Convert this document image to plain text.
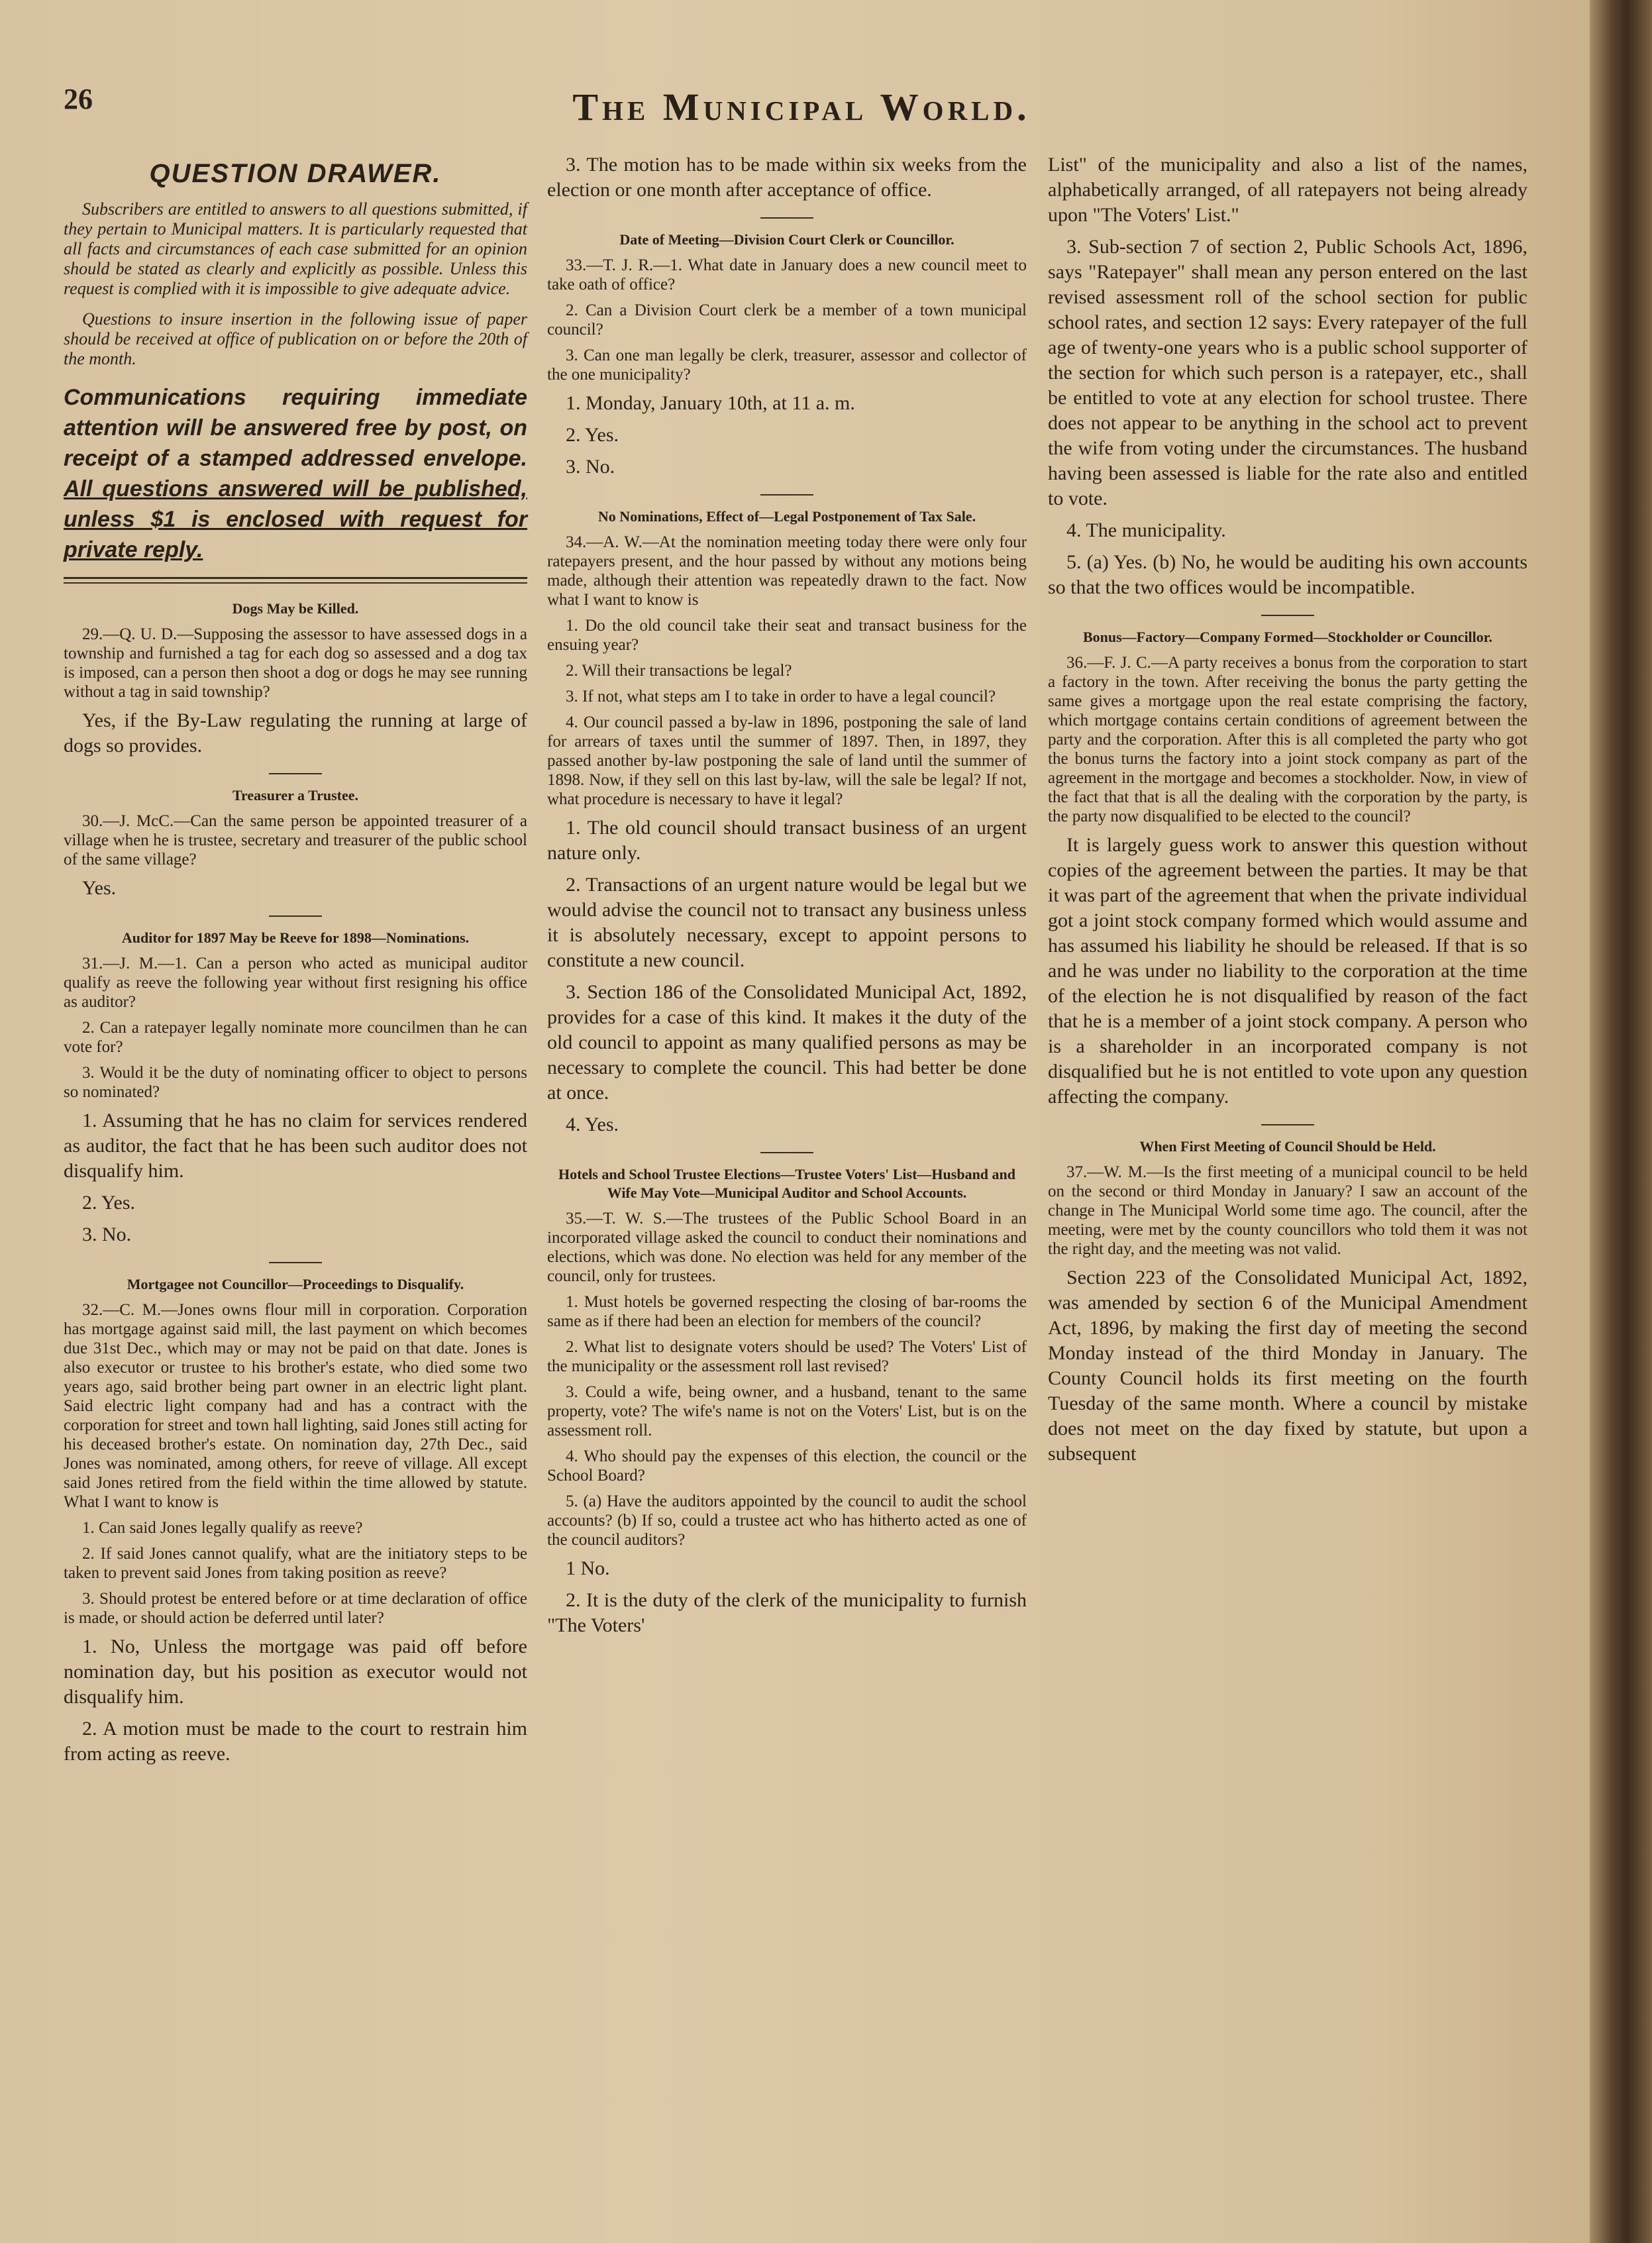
26	The Municipal World.
QUESTION DRAWER.

Subscribers are entitled to answers to all questions submitted, if they pertain to Municipal matters. It is particularly requested that all facts and circumstances of each case submitted for an opinion should be stated as clearly and explicitly as possible. Unless this request is complied with it is impossible to give adequate advice.

Questions to insure insertion in the following issue of paper should be received at office of publication on or before the 20th of the month.

Communications requiring immediate attention will be answered free by post, on receipt of a stamped addressed envelope. All questions answered will be published, unless $1 is enclosed with request for private reply.

Dogs May be Killed.

29.—Q. U. D.—Supposing the assessor to have assessed dogs in a township and furnished a tag for each dog so assessed and a dog tax is imposed, can a person then shoot a dog or dogs he may see running without a tag in said township?

Yes, if the By-Law regulating the running at large of dogs so provides.

Treasurer a Trustee.

30.—J. McC.—Can the same person be appointed treasurer of a village when he is trustee, secretary and treasurer of the public school of the same village?

Yes.

Auditor for 1897 May be Reeve for 1898—Nominations.

31.—J. M.—1. Can a person who acted as municipal auditor qualify as reeve the following year without first resigning his office as auditor?

2. Can a ratepayer legally nominate more councilmen than he can vote for?

3. Would it be the duty of nominating officer to object to persons so nominated?

1. Assuming that he has no claim for services rendered as auditor, the fact that he has been such auditor does not disqualify him.

2. Yes.

3. No.

Mortgagee not Councillor—Proceedings to Disqualify.

32.—C. M.—Jones owns flour mill in corporation. Corporation has mortgage against said mill, the last payment on which becomes due 31st Dec., which may or may not be paid on that date. Jones is also executor or trustee to his brother's estate, who died some two years ago, said brother being part owner in an electric light plant. Said electric light company had and has a contract with the corporation for street and town hall lighting, said Jones still acting for his deceased brother's estate. On nomination day, 27th Dec., said Jones was nominated, among others, for reeve of village. All except said Jones retired from the field within the time allowed by statute. What I want to know is

1. Can said Jones legally qualify as reeve?

2. If said Jones cannot qualify, what are the initiatory steps to be taken to prevent said Jones from taking position as reeve?

3. Should protest be entered before or at time declaration of office is made, or should action be deferred until later?

1. No, Unless the mortgage was paid off before nomination day, but his position as executor would not disqualify him.

2. A motion must be made to the court to restrain him from acting as reeve.

3. The motion has to be made within six weeks from the election or one month after acceptance of office.

Date of Meeting—Division Court Clerk or Councillor.

33.—T. J. R.—1. What date in January does a new council meet to take oath of office?

2. Can a Division Court clerk be a member of a town municipal council?

3. Can one man legally be clerk, treasurer, assessor and collector of the one municipality?

1. Monday, January 10th, at 11 a. m.

2. Yes.

3. No.

No Nominations, Effect of—Legal Postponement of Tax Sale.

34.—A. W.—At the nomination meeting today there were only four ratepayers present, and the hour passed by without any motions being made, although their attention was repeatedly drawn to the fact. Now what I want to know is

1. Do the old council take their seat and transact business for the ensuing year?

2. Will their transactions be legal?

3. If not, what steps am I to take in order to have a legal council?

4. Our council passed a by-law in 1896, postponing the sale of land for arrears of taxes until the summer of 1897. Then, in 1897, they passed another by-law postponing the sale of land until the summer of 1898. Now, if they sell on this last by-law, will the sale be legal? If not, what procedure is necessary to have it legal?

1. The old council should transact business of an urgent nature only.

2. Transactions of an urgent nature would be legal but we would advise the council not to transact any business unless it is absolutely necessary, except to appoint persons to constitute a new council.

3. Section 186 of the Consolidated Municipal Act, 1892, provides for a case of this kind. It makes it the duty of the old council to appoint as many qualified persons as may be necessary to complete the council. This had better be done at once.

4. Yes.

Hotels and School Trustee Elections—Trustee Voters' List—Husband and Wife May Vote—Municipal Auditor and School Accounts.

35.—T. W. S.—The trustees of the Public School Board in an incorporated village asked the council to conduct their nominations and elections, which was done. No election was held for any member of the council, only for trustees.

1. Must hotels be governed respecting the closing of bar-rooms the same as if there had been an election for members of the council?

2. What list to designate voters should be used? The Voters' List of the municipality or the assessment roll last revised?

3. Could a wife, being owner, and a husband, tenant to the same property, vote? The wife's name is not on the Voters' List, but is on the assessment roll.

4. Who should pay the expenses of this election, the council or the School Board?

5. (a) Have the auditors appointed by the council to audit the school accounts? (b) If so, could a trustee act who has hitherto acted as one of the council auditors?

1 No.

2. It is the duty of the clerk of the municipality to furnish "The Voters'

List" of the municipality and also a list of the names, alphabetically arranged, of all ratepayers not being already upon "The Voters' List."

3. Sub-section 7 of section 2, Public Schools Act, 1896, says "Ratepayer" shall mean any person entered on the last revised assessment roll of the school section for public school rates, and section 12 says: Every ratepayer of the full age of twenty-one years who is a public school supporter of the section for which such person is a ratepayer, etc., shall be entitled to vote at any election for school trustee. There does not appear to be anything in the school act to prevent the wife from voting under the circumstances. The husband having been assessed is liable for the rate also and entitled to vote.

4. The municipality.

5. (a) Yes. (b) No, he would be auditing his own accounts so that the two offices would be incompatible.

Bonus—Factory—Company Formed—Stockholder or Councillor.

36.—F. J. C.—A party receives a bonus from the corporation to start a factory in the town. After receiving the bonus the party getting the same gives a mortgage upon the real estate comprising the factory, which mortgage contains certain conditions of agreement between the party and the corporation. After this is all completed the party who got the bonus turns the factory into a joint stock company as part of the agreement in the mortgage and becomes a stockholder. Now, in view of the fact that that is all the dealing with the corporation by the party, is the party now disqualified to be elected to the council?

It is largely guess work to answer this question without copies of the agreement between the parties. It may be that it was part of the agreement that when the private individual got a joint stock company formed which would assume and has assumed his liability he should be released. If that is so and he was under no liability to the corporation at the time of the election he is not disqualified by reason of the fact that he is a member of a joint stock company. A person who is a shareholder in an incorporated company is not disqualified but he is not entitled to vote upon any question affecting the company.

When First Meeting of Council Should be Held.

37.—W. M.—Is the first meeting of a municipal council to be held on the second or third Monday in January? I saw an account of the change in The Municipal World some time ago. The council, after the meeting, were met by the county councillors who told them it was not the right day, and the meeting was not valid.

Section 223 of the Consolidated Municipal Act, 1892, was amended by section 6 of the Municipal Amendment Act, 1896, by making the first day of meeting the second Monday instead of the third Monday in January. The County Council holds its first meeting on the fourth Tuesday of the same month. Where a council by mistake does not meet on the day fixed by statute, but upon a subsequent
